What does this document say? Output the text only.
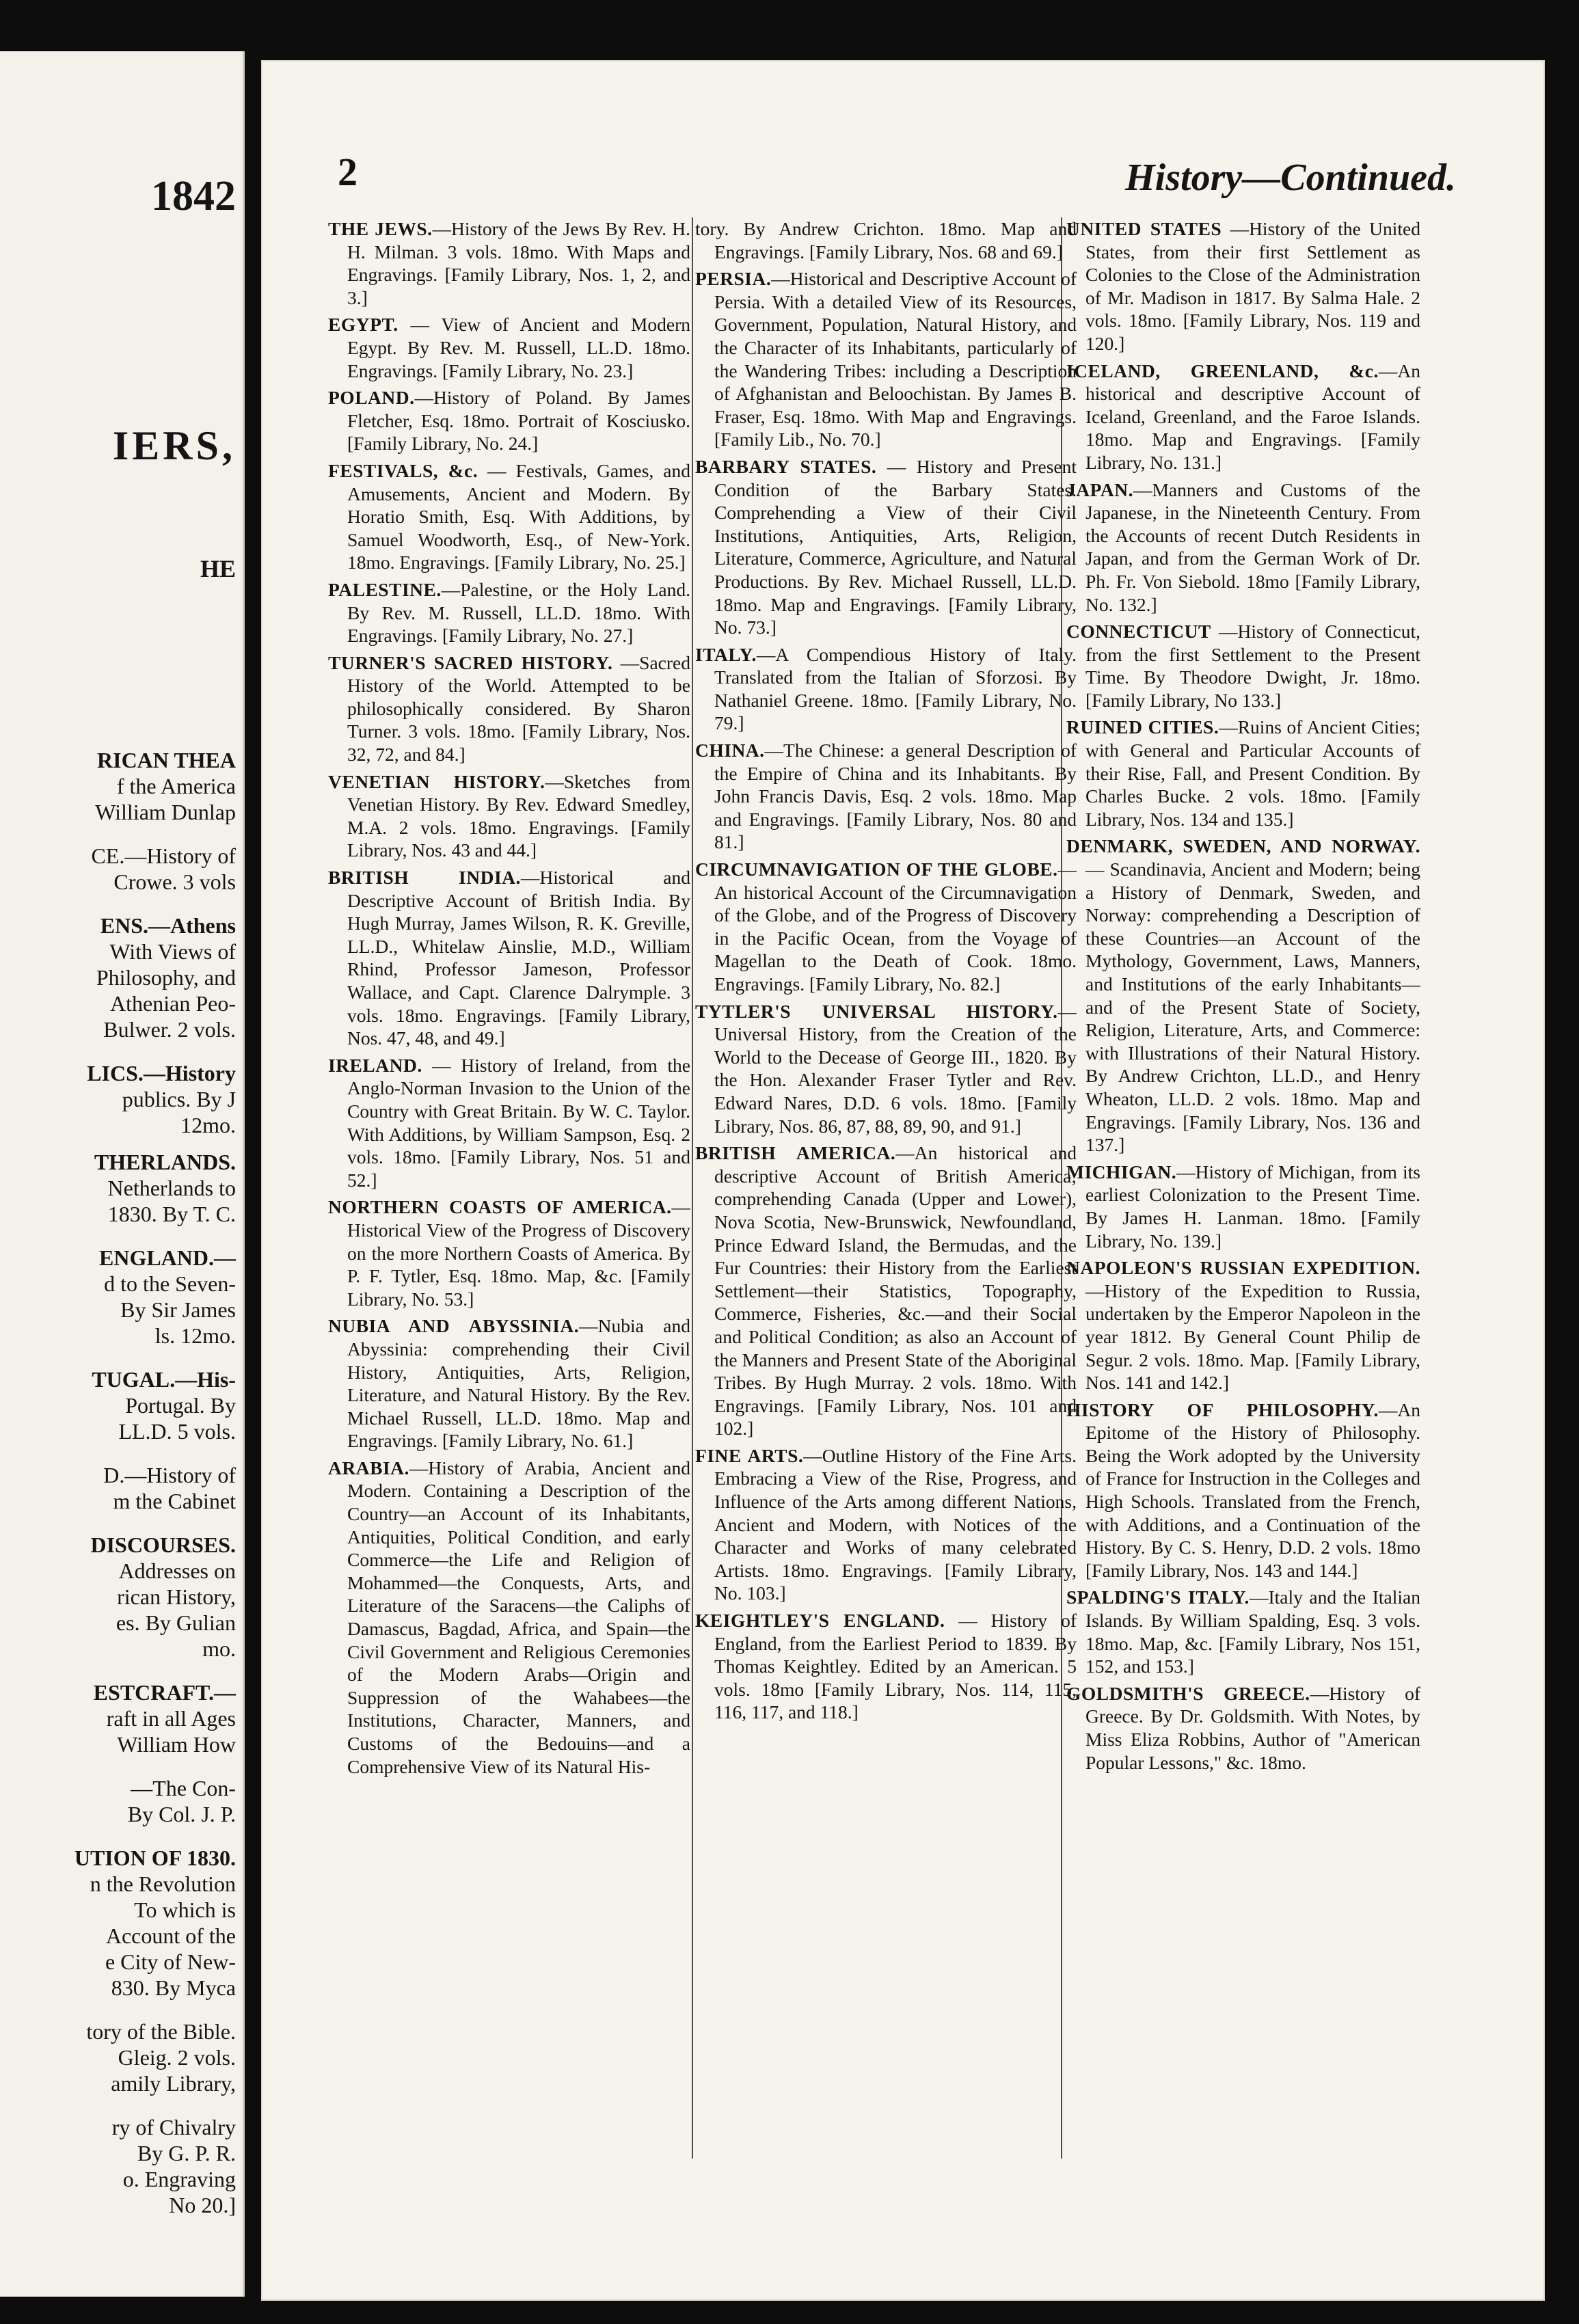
1842
IERS,
HE
RICAN THEA
f the America
William Dunlap
CE.—History of
Crowe. 3 vols
ENS.—Athens
With Views of
Philosophy, and
Athenian Peo-
Bulwer. 2 vols.
LICS.—History
publics. By J
12mo.
THERLANDS.
Netherlands to
1830. By T. C.
ENGLAND.—
d to the Seven-
By Sir James
ls. 12mo.
TUGAL.—His-
Portugal. By
LL.D. 5 vols.
D.—History of
m the Cabinet
DISCOURSES.
Addresses on
rican History,
es. By Gulian
mo.
ESTCRAFT.—
raft in all Ages
William How
—The Con-
By Col. J. P.
UTION OF 1830.
n the Revolution
To which is
Account of the
e City of New-
830. By Myca
tory of the Bible.
Gleig. 2 vols.
amily Library,
ry of Chivalry
By G. P. R.
o. Engraving
No 20.]
2	History—Continued.
THE JEWS.—History of the Jews By Rev. H. H. Milman. 3 vols. 18mo. With Maps and Engravings. [Family Library, Nos. 1, 2, and 3.]
EGYPT. — View of Ancient and Modern Egypt. By Rev. M. Russell, LL.D. 18mo. Engravings. [Family Library, No. 23.]
POLAND.—History of Poland. By James Fletcher, Esq. 18mo. Portrait of Kosciusko. [Family Library, No. 24.]
FESTIVALS, &c. — Festivals, Games, and Amusements, Ancient and Modern. By Horatio Smith, Esq. With Additions, by Samuel Woodworth, Esq., of New-York. 18mo. Engravings. [Family Library, No. 25.]
PALESTINE.—Palestine, or the Holy Land. By Rev. M. Russell, LL.D. 18mo. With Engravings. [Family Library, No. 27.]
TURNER'S SACRED HISTORY. —Sacred History of the World. Attempted to be philosophically considered. By Sharon Turner. 3 vols. 18mo. [Family Library, Nos. 32, 72, and 84.]
VENETIAN HISTORY.—Sketches from Venetian History. By Rev. Edward Smedley, M.A. 2 vols. 18mo. Engravings. [Family Library, Nos. 43 and 44.]
BRITISH INDIA.—Historical and Descriptive Account of British India. By Hugh Murray, James Wilson, R. K. Greville, LL.D., Whitelaw Ainslie, M.D., William Rhind, Professor Jameson, Professor Wallace, and Capt. Clarence Dalrymple. 3 vols. 18mo. Engravings. [Family Library, Nos. 47, 48, and 49.]
IRELAND. — History of Ireland, from the Anglo-Norman Invasion to the Union of the Country with Great Britain. By W. C. Taylor. With Additions, by William Sampson, Esq. 2 vols. 18mo. [Family Library, Nos. 51 and 52.]
NORTHERN COASTS OF AMERICA.—Historical View of the Progress of Discovery on the more Northern Coasts of America. By P. F. Tytler, Esq. 18mo. Map, &c. [Family Library, No. 53.]
NUBIA AND ABYSSINIA.—Nubia and Abyssinia: comprehending their Civil History, Antiquities, Arts, Religion, Literature, and Natural History. By the Rev. Michael Russell, LL.D. 18mo. Map and Engravings. [Family Library, No. 61.]
ARABIA.—History of Arabia, Ancient and Modern. Containing a Description of the Country—an Account of its Inhabitants, Antiquities, Political Condition, and early Commerce—the Life and Religion of Mohammed—the Conquests, Arts, and Literature of the Saracens—the Caliphs of Damascus, Bagdad, Africa, and Spain—the Civil Government and Religious Ceremonies of the Modern Arabs—Origin and Suppression of the Wahabees—the Institutions, Character, Manners, and Customs of the Bedouins—and a Comprehensive View of its Natural His-
tory. By Andrew Crichton. 18mo. Map and Engravings. [Family Library, Nos. 68 and 69.]
PERSIA.—Historical and Descriptive Account of Persia. With a detailed View of its Resources, Government, Population, Natural History, and the Character of its Inhabitants, particularly of the Wandering Tribes: including a Description of Afghanistan and Beloochistan. By James B. Fraser, Esq. 18mo. With Map and Engravings. [Family Lib., No. 70.]
BARBARY STATES. — History and Present Condition of the Barbary States. Comprehending a View of their Civil Institutions, Antiquities, Arts, Religion, Literature, Commerce, Agriculture, and Natural Productions. By Rev. Michael Russell, LL.D. 18mo. Map and Engravings. [Family Library, No. 73.]
ITALY.—A Compendious History of Italy. Translated from the Italian of Sforzosi. By Nathaniel Greene. 18mo. [Family Library, No. 79.]
CHINA.—The Chinese: a general Description of the Empire of China and its Inhabitants. By John Francis Davis, Esq. 2 vols. 18mo. Map and Engravings. [Family Library, Nos. 80 and 81.]
CIRCUMNAVIGATION OF THE GLOBE.—An historical Account of the Circumnavigation of the Globe, and of the Progress of Discovery in the Pacific Ocean, from the Voyage of Magellan to the Death of Cook. 18mo. Engravings. [Family Library, No. 82.]
TYTLER'S UNIVERSAL HISTORY.—Universal History, from the Creation of the World to the Decease of George III., 1820. By the Hon. Alexander Fraser Tytler and Rev. Edward Nares, D.D. 6 vols. 18mo. [Family Library, Nos. 86, 87, 88, 89, 90, and 91.]
BRITISH AMERICA.—An historical and descriptive Account of British America; comprehending Canada (Upper and Lower), Nova Scotia, New-Brunswick, Newfoundland, Prince Edward Island, the Bermudas, and the Fur Countries: their History from the Earliest Settlement—their Statistics, Topography, Commerce, Fisheries, &c.—and their Social and Political Condition; as also an Account of the Manners and Present State of the Aboriginal Tribes. By Hugh Murray. 2 vols. 18mo. With Engravings. [Family Library, Nos. 101 and 102.]
FINE ARTS.—Outline History of the Fine Arts. Embracing a View of the Rise, Progress, and Influence of the Arts among different Nations, Ancient and Modern, with Notices of the Character and Works of many celebrated Artists. 18mo. Engravings. [Family Library, No. 103.]
KEIGHTLEY'S ENGLAND. — History of England, from the Earliest Period to 1839. By Thomas Keightley. Edited by an American. 5 vols. 18mo [Family Library, Nos. 114, 115, 116, 117, and 118.]
UNITED STATES —History of the United States, from their first Settlement as Colonies to the Close of the Administration of Mr. Madison in 1817. By Salma Hale. 2 vols. 18mo. [Family Library, Nos. 119 and 120.]
ICELAND, GREENLAND, &c.—An historical and descriptive Account of Iceland, Greenland, and the Faroe Islands. 18mo. Map and Engravings. [Family Library, No. 131.]
JAPAN.—Manners and Customs of the Japanese, in the Nineteenth Century. From the Accounts of recent Dutch Residents in Japan, and from the German Work of Dr. Ph. Fr. Von Siebold. 18mo [Family Library, No. 132.]
CONNECTICUT —History of Connecticut, from the first Settlement to the Present Time. By Theodore Dwight, Jr. 18mo. [Family Library, No 133.]
RUINED CITIES.—Ruins of Ancient Cities; with General and Particular Accounts of their Rise, Fall, and Present Condition. By Charles Bucke. 2 vols. 18mo. [Family Library, Nos. 134 and 135.]
DENMARK, SWEDEN, AND NORWAY. — Scandinavia, Ancient and Modern; being a History of Denmark, Sweden, and Norway: comprehending a Description of these Countries—an Account of the Mythology, Government, Laws, Manners, and Institutions of the early Inhabitants—and of the Present State of Society, Religion, Literature, Arts, and Commerce: with Illustrations of their Natural History. By Andrew Crichton, LL.D., and Henry Wheaton, LL.D. 2 vols. 18mo. Map and Engravings. [Family Library, Nos. 136 and 137.]
MICHIGAN.—History of Michigan, from its earliest Colonization to the Present Time. By James H. Lanman. 18mo. [Family Library, No. 139.]
NAPOLEON'S RUSSIAN EXPEDITION.—History of the Expedition to Russia, undertaken by the Emperor Napoleon in the year 1812. By General Count Philip de Segur. 2 vols. 18mo. Map. [Family Library, Nos. 141 and 142.]
HISTORY OF PHILOSOPHY.—An Epitome of the History of Philosophy. Being the Work adopted by the University of France for Instruction in the Colleges and High Schools. Translated from the French, with Additions, and a Continuation of the History. By C. S. Henry, D.D. 2 vols. 18mo [Family Library, Nos. 143 and 144.]
SPALDING'S ITALY.—Italy and the Italian Islands. By William Spalding, Esq. 3 vols. 18mo. Map, &c. [Family Library, Nos 151, 152, and 153.]
GOLDSMITH'S GREECE.—History of Greece. By Dr. Goldsmith. With Notes, by Miss Eliza Robbins, Author of "American Popular Lessons," &c. 18mo.
